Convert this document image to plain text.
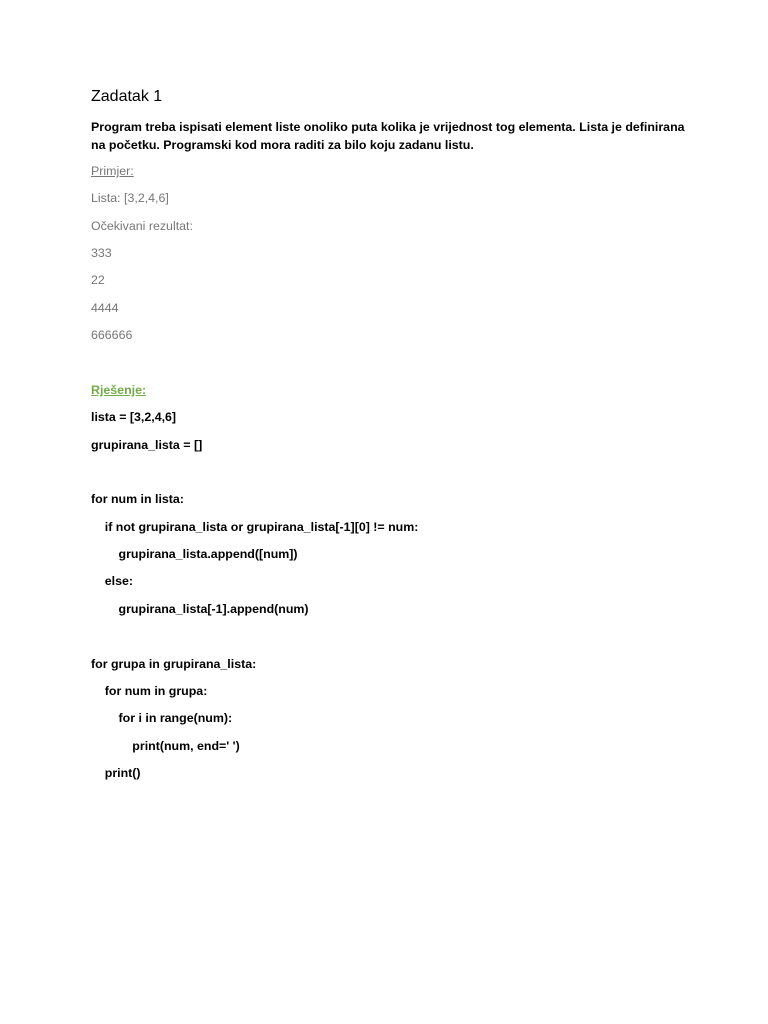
Zadatak 1
Program treba ispisati element liste onoliko puta kolika je vrijednost tog elementa. Lista je definirana
na početku. Programski kod mora raditi za bilo koju zadanu listu.
Primjer:
Lista: [3,2,4,6]
Očekivani rezultat:
333
22
4444
666666
Rješenje:
lista = [3,2,4,6]
grupirana_lista = []
for num in lista:
if not grupirana_lista or grupirana_lista[-1][0] != num:
grupirana_lista.append([num])
else:
grupirana_lista[-1].append(num)
for grupa in grupirana_lista:
for num in grupa:
for i in range(num):
print(num, end=' ')
print()
